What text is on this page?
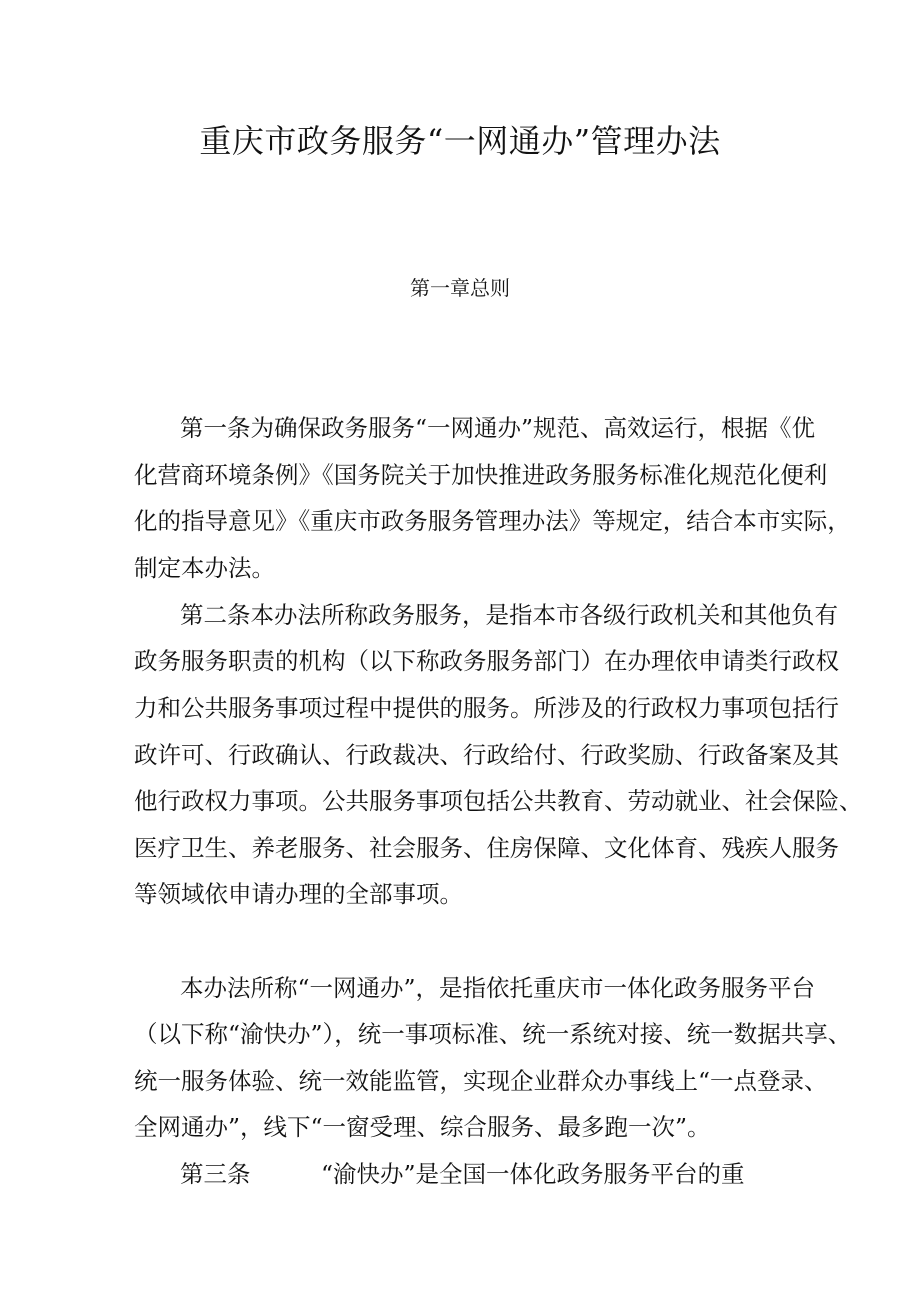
重庆市政务服务“一网通办”管理办法
第一章总则
第一条为确保政务服务“一网通办”规范、高效运行，根据《优
化营商环境条例》《国务院关于加快推进政务服务标准化规范化便利
化的指导意见》《重庆市政务服务管理办法》等规定，结合本市实际，
制定本办法。
第二条本办法所称政务服务，是指本市各级行政机关和其他负有
政务服务职责的机构（以下称政务服务部门）在办理依申请类行政权
力和公共服务事项过程中提供的服务。所涉及的行政权力事项包括行
政许可、行政确认、行政裁决、行政给付、行政奖励、行政备案及其
他行政权力事项。公共服务事项包括公共教育、劳动就业、社会保险、
医疗卫生、养老服务、社会服务、住房保障、文化体育、残疾人服务
等领域依申请办理的全部事项。
本办法所称“一网通办”，是指依托重庆市一体化政务服务平台
（以下称“渝快办”），统一事项标准、统一系统对接、统一数据共享、
统一服务体验、统一效能监管，实现企业群众办事线上“一点登录、
全网通办”，线下“一窗受理、综合服务、最多跑一次”。
第三条　　　“渝快办”是全国一体化政务服务平台的重
